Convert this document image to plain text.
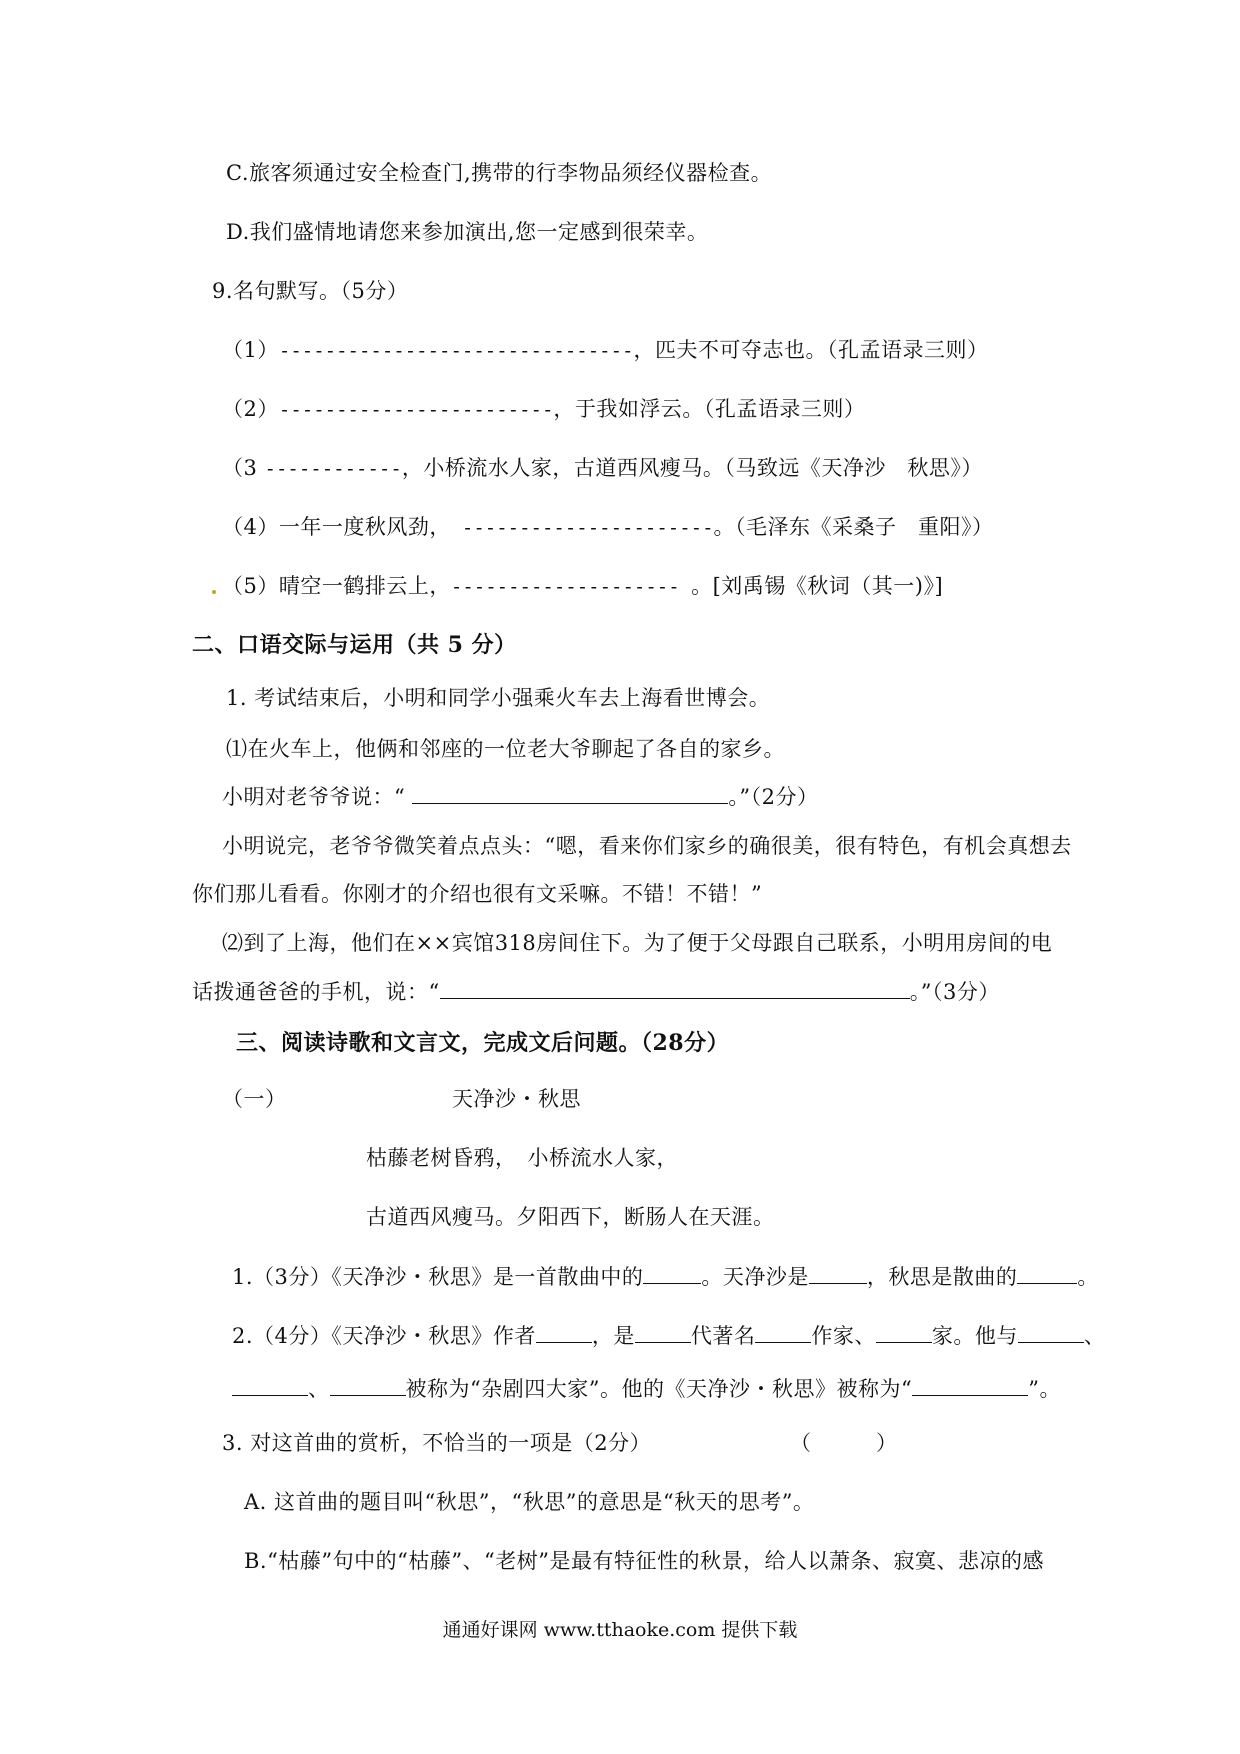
C.旅客须通过安全检查门,携带的行李物品须经仪器检查。
D.我们盛情地请您来参加演出,您一定感到很荣幸。
9.名句默写。（5分）
（1）-------------------------------，匹夫不可夺志也。（孔孟语录三则）
（2）------------------------，于我如浮云。（孔孟语录三则）
（3 ------------，小桥流水人家，古道西风瘦马。（马致远《天净沙　秋思》）
（4）一年一度秋风劲，　----------------------。（毛泽东《采桑子　重阳》）
（5）晴空一鹤排云上，-------------------- 。[刘禹锡《秋词（其一)》]
二、口语交际与运用（共 5 分）
1. 考试结束后，小明和同学小强乘火车去上海看世博会。
⑴在火车上，他俩和邻座的一位老大爷聊起了各自的家乡。
小明对老爷爷说：“	。”（2分）
小明说完，老爷爷微笑着点点头：“嗯，看来你们家乡的确很美，很有特色，有机会真想去
你们那儿看看。你刚才的介绍也很有文采嘛。不错！不错！”
⑵到了上海，他们在××宾馆318房间住下。为了便于父母跟自己联系，小明用房间的电
话拨通爸爸的手机，说：“	。”（3分）
三、阅读诗歌和文言文，完成文后问题。（28分）
（一）	天净沙・秋思
枯藤老树昏鸦，　小桥流水人家，
古道西风瘦马。夕阳西下，断肠人在天涯。
1.（3分）《天净沙・秋思》是一首散曲中的	。天净沙是	，秋思是散曲的	。
2.（4分）《天净沙・秋思》作者	，是	代著名	作家、	家。他与	、
、	被称为“杂剧四大家”。他的《天净沙・秋思》被称为“	”。
3. 对这首曲的赏析，不恰当的一项是（2分）	（　　　）
A. 这首曲的题目叫“秋思”，“秋思”的意思是“秋天的思考”。
B.“枯藤”句中的“枯藤”、“老树”是最有特征性的秋景，给人以萧条、寂寞、悲凉的感
通通好课网 www.tthaoke.com 提供下载
